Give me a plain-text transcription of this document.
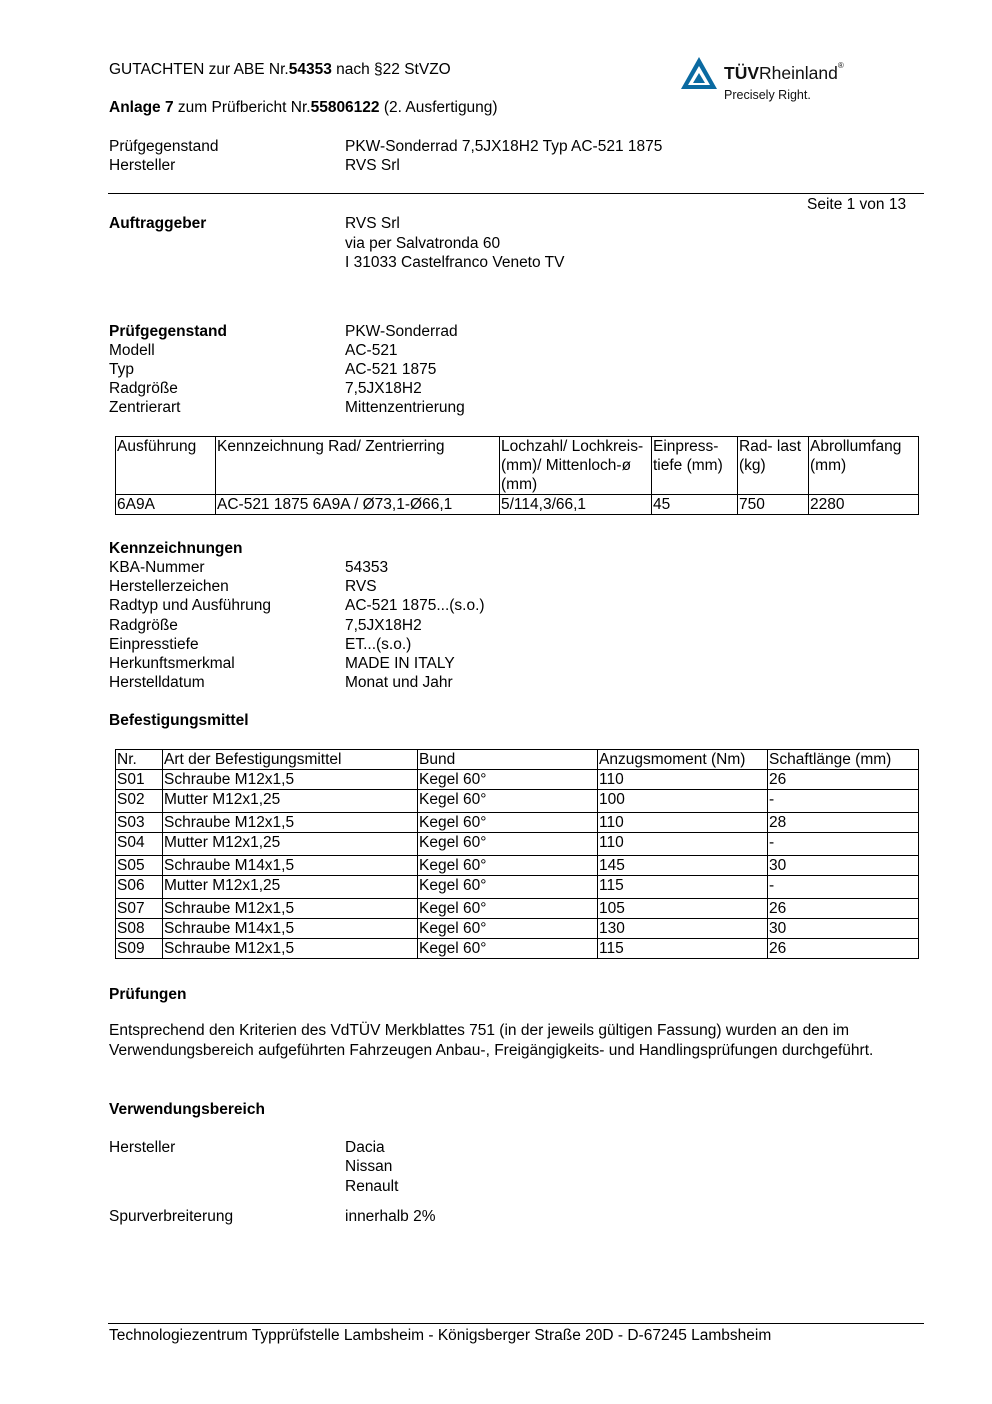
GUTACHTEN zur ABE Nr.54353 nach §22 StVZO
Anlage 7 zum Prüfbericht Nr.55806122 (2. Ausfertigung)
Prüfgegenstand	PKW-Sonderrad 7,5JX18H2 Typ AC-521 1875
Hersteller	RVS Srl
TÜVRheinland®
Precisely Right.
Seite 1 von 13
Auftraggeber	RVS Srl
via per Salvatronda 60
I 31033 Castelfranco Veneto TV
Prüfgegenstand	PKW-Sonderrad
Modell	AC-521
Typ	AC-521 1875
Radgröße	7,5JX18H2
Zentrierart	Mittenzentrierung
Ausführung	Kennzeichnung Rad/ Zentrierring	Lochzahl/ Lochkreis- (mm)/ Mittenloch-ø (mm)	Einpress- tiefe (mm)	Rad- last (kg)	Abrollumfang (mm)
6A9A	AC-521 1875 6A9A / Ø73,1-Ø66,1	5/114,3/66,1	45	750	2280
Kennzeichnungen
KBA-Nummer	54353
Herstellerzeichen	RVS
Radtyp und Ausführung	AC-521 1875...(s.o.)
Radgröße	7,5JX18H2
Einpresstiefe	ET...(s.o.)
Herkunftsmerkmal	MADE IN ITALY
Herstelldatum	Monat und Jahr
Befestigungsmittel
Nr.	Art der Befestigungsmittel	Bund	Anzugsmoment (Nm)	Schaftlänge (mm)
S01	Schraube M12x1,5	Kegel 60°	110	26
S02	Mutter M12x1,25	Kegel 60°	100	-
S03	Schraube M12x1,5	Kegel 60°	110	28
S04	Mutter M12x1,25	Kegel 60°	110	-
S05	Schraube M14x1,5	Kegel 60°	145	30
S06	Mutter M12x1,25	Kegel 60°	115	-
S07	Schraube M12x1,5	Kegel 60°	105	26
S08	Schraube M14x1,5	Kegel 60°	130	30
S09	Schraube M12x1,5	Kegel 60°	115	26
Prüfungen
Entsprechend den Kriterien des VdTÜV Merkblattes 751 (in der jeweils gültigen Fassung) wurden an den im Verwendungsbereich aufgeführten Fahrzeugen Anbau-, Freigängigkeits- und Handlingsprüfungen durchgeführt.
Verwendungsbereich
Hersteller	Dacia
Nissan
Renault
Spurverbreiterung	innerhalb 2%
Technologiezentrum Typprüfstelle Lambsheim - Königsberger Straße 20D - D-67245 Lambsheim
